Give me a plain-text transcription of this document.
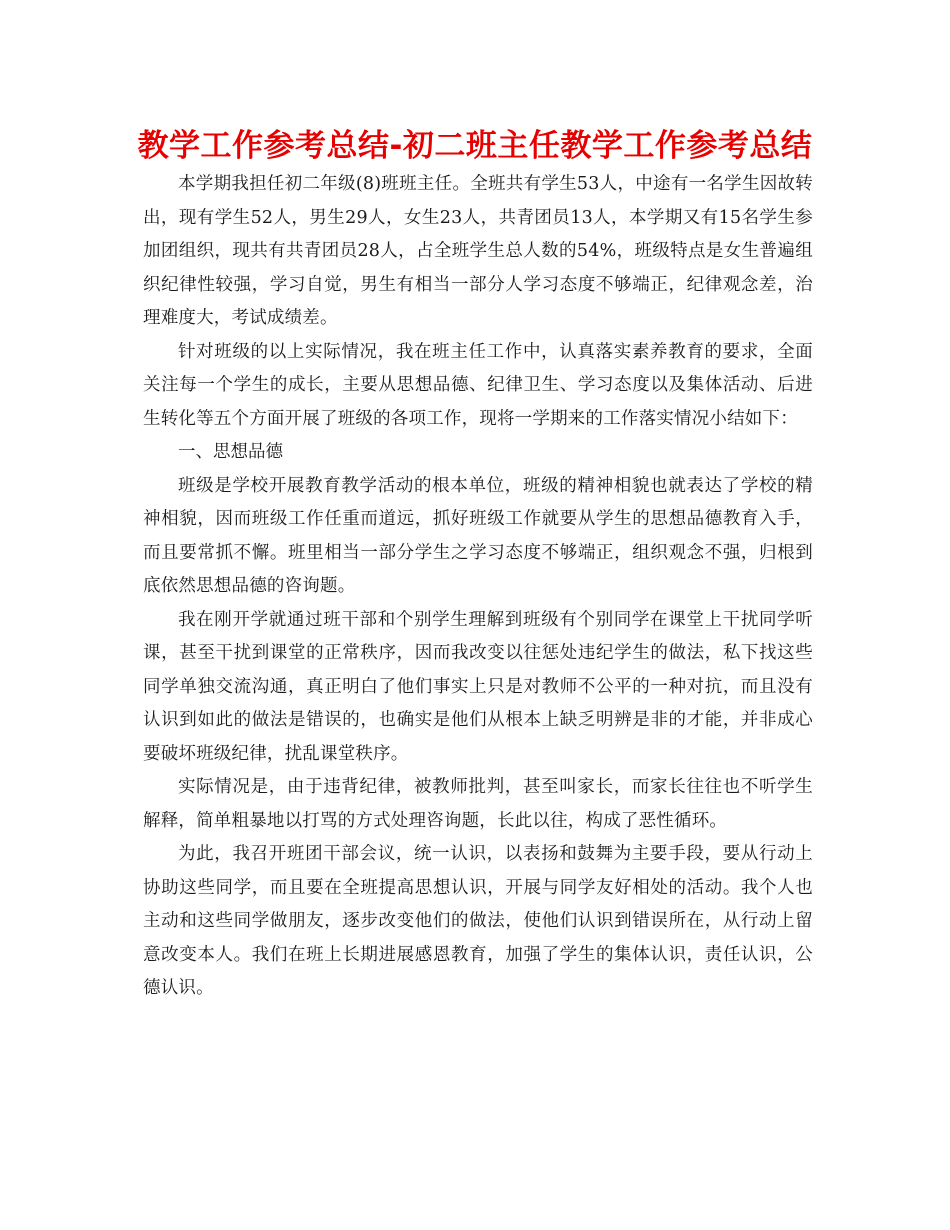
教学工作参考总结-初二班主任教学工作参考总结

本学期我担任初二年级(8)班班主任。全班共有学生53人，中途有一名学生因故转出，现有学生52人，男生29人，女生23人，共青团员13人，本学期又有15名学生参加团组织，现共有共青团员28人，占全班学生总人数的54%，班级特点是女生普遍组织纪律性较强，学习自觉，男生有相当一部分人学习态度不够端正，纪律观念差，治理难度大，考试成绩差。

针对班级的以上实际情况，我在班主任工作中，认真落实素养教育的要求，全面关注每一个学生的成长，主要从思想品德、纪律卫生、学习态度以及集体活动、后进生转化等五个方面开展了班级的各项工作，现将一学期来的工作落实情况小结如下：

一、思想品德

班级是学校开展教育教学活动的根本单位，班级的精神相貌也就表达了学校的精神相貌，因而班级工作任重而道远，抓好班级工作就要从学生的思想品德教育入手，而且要常抓不懈。班里相当一部分学生之学习态度不够端正，组织观念不强，归根到底依然思想品德的咨询题。

我在刚开学就通过班干部和个别学生理解到班级有个别同学在课堂上干扰同学听课，甚至干扰到课堂的正常秩序，因而我改变以往惩处违纪学生的做法，私下找这些同学单独交流沟通，真正明白了他们事实上只是对教师不公平的一种对抗，而且没有认识到如此的做法是错误的，也确实是他们从根本上缺乏明辨是非的才能，并非成心要破坏班级纪律，扰乱课堂秩序。

实际情况是，由于违背纪律，被教师批判，甚至叫家长，而家长往往也不听学生解释，简单粗暴地以打骂的方式处理咨询题，长此以往，构成了恶性循环。

为此，我召开班团干部会议，统一认识，以表扬和鼓舞为主要手段，要从行动上协助这些同学，而且要在全班提高思想认识，开展与同学友好相处的活动。我个人也主动和这些同学做朋友，逐步改变他们的做法，使他们认识到错误所在，从行动上留意改变本人。我们在班上长期进展感恩教育，加强了学生的集体认识，责任认识，公德认识。
